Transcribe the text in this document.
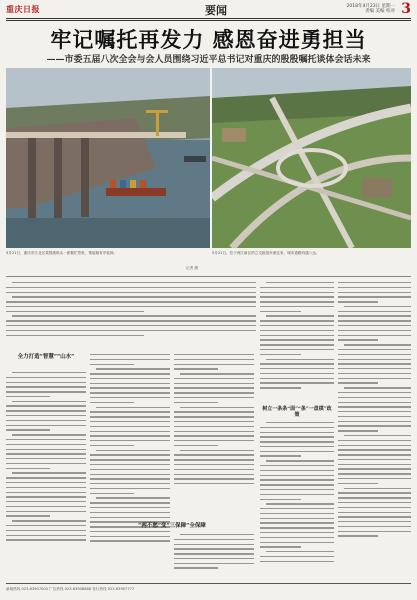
重庆日报	要闻	2018年4月23日 星期一
责编 美编 校对 3
牢记嘱托再发力 感恩奋进勇担当
——市委五届八次全会与会人员围绕习近平总书记对重庆的殷殷嘱托谈体会话未来
5月21日，重庆市江北区果园港码头一派繁忙景象，集装箱有序装卸。	5月21日，位于两江新区的立交枢纽车流往来，城市道路四通八达。
记者 摄
全力打造“智慧”“山水”
“两不愁”变“三保障”全保障
树立一条条“面”“条”一盘棋”政策
新闻热线 023-63907000 广告热线 023-63908888 发行热线 023-63907777
